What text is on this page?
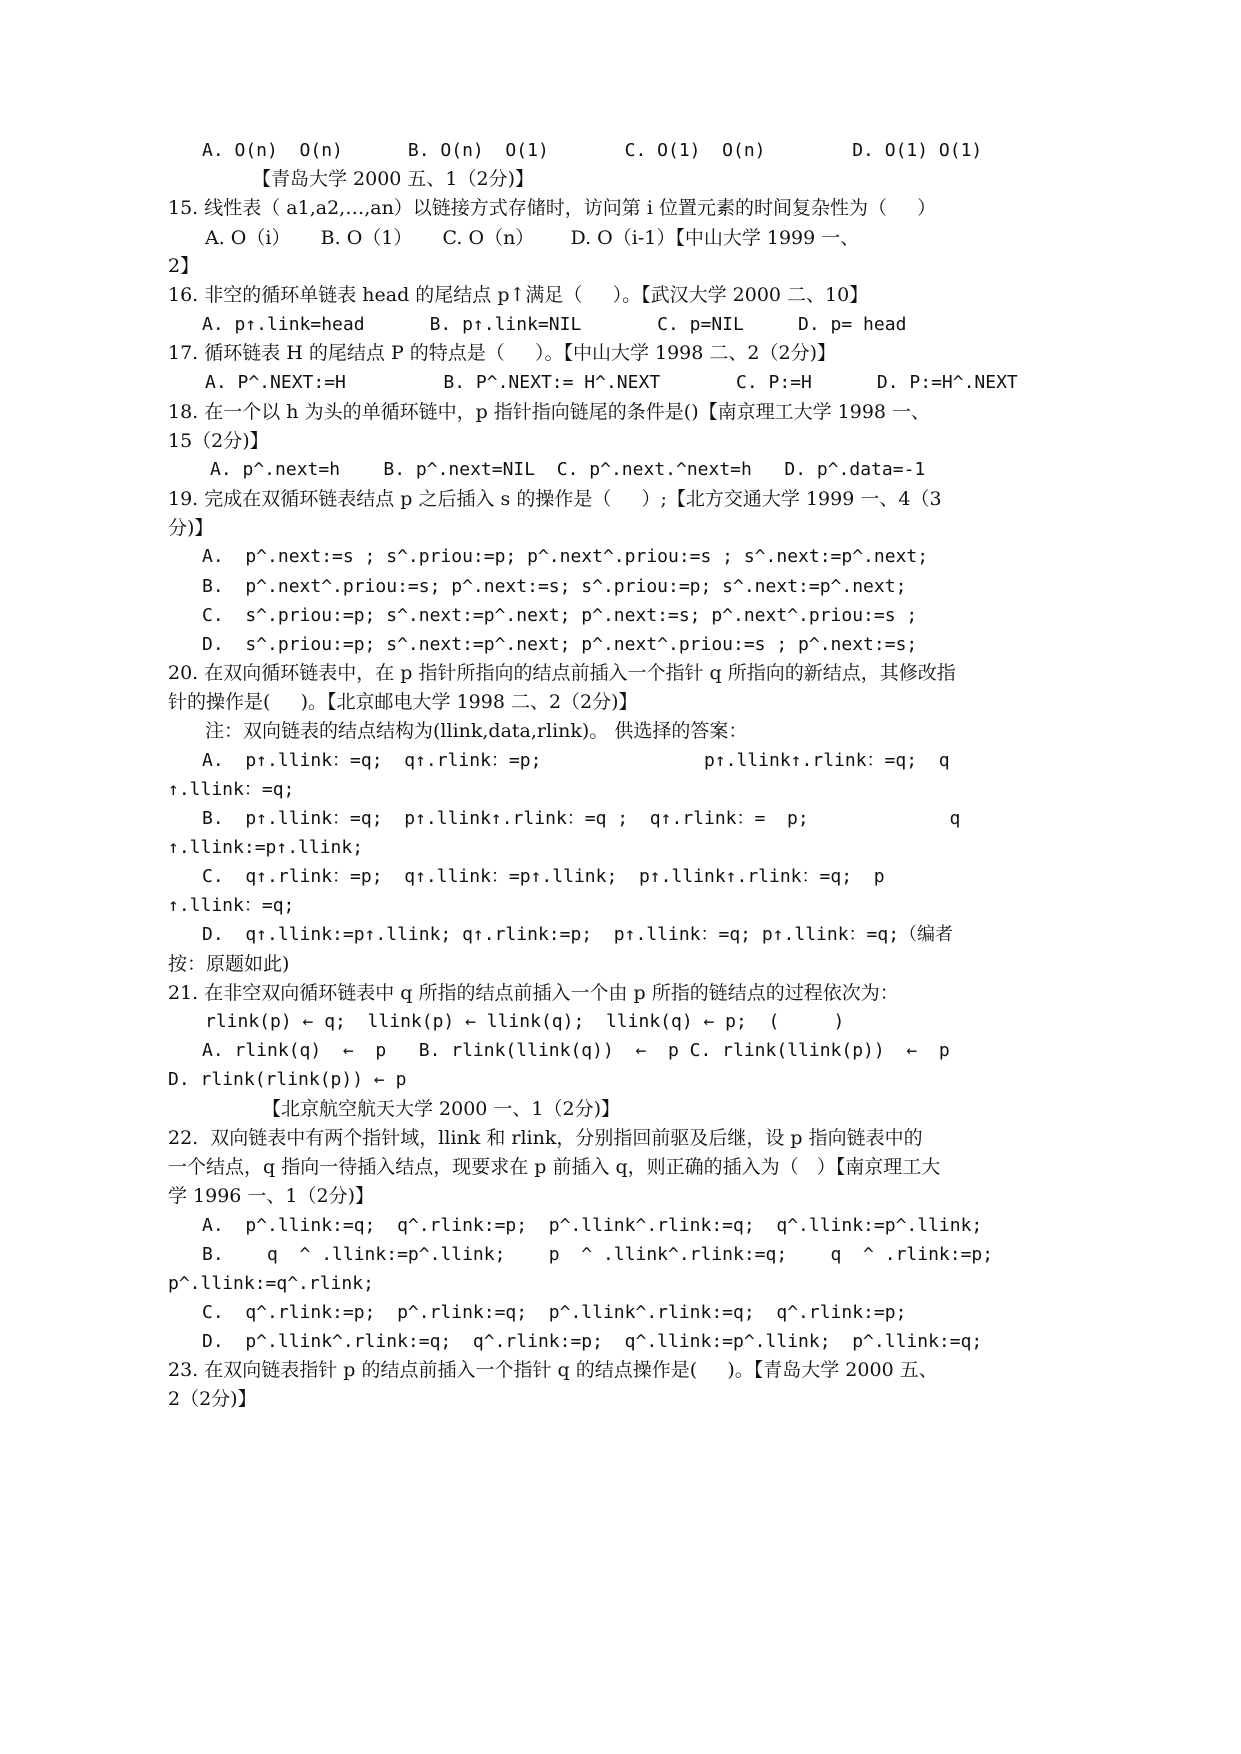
A. O(n)  O(n)      B. O(n)  O(1)       C. O(1)  O(n)        D. O(1) O(1)
【青岛大学 2000 五、1（2分)】
15. 线性表（ a1,a2,…,an）以链接方式存储时，访问第 i 位置元素的时间复杂性为（     ）
A. O（i）     B. O（1）     C. O（n）      D. O（i-1）【中山大学 1999 一、
2】
16. 非空的循环单链表 head 的尾结点 p↑满足（     ）。【武汉大学 2000 二、10】
A. p↑.link=head      B. p↑.link=NIL       C. p=NIL     D. p= head
17. 循环链表 H 的尾结点 P 的特点是（     ）。【中山大学 1998 二、2（2分)】
A. P^.NEXT:=H         B. P^.NEXT:= H^.NEXT       C. P:=H      D. P:=H^.NEXT
18. 在一个以 h 为头的单循环链中，p 指针指向链尾的条件是()【南京理工大学 1998 一、
15（2分)】
A. p^.next=h    B. p^.next=NIL  C. p^.next.^next=h   D. p^.data=-1
19. 完成在双循环链表结点 p 之后插入 s 的操作是（     ）;【北方交通大学 1999 一、4（3
分)】
A.  p^.next:=s ; s^.priou:=p; p^.next^.priou:=s ; s^.next:=p^.next;
B.  p^.next^.priou:=s; p^.next:=s; s^.priou:=p; s^.next:=p^.next;
C.  s^.priou:=p; s^.next:=p^.next; p^.next:=s; p^.next^.priou:=s ;
D.  s^.priou:=p; s^.next:=p^.next; p^.next^.priou:=s ; p^.next:=s;
20. 在双向循环链表中，在 p 指针所指向的结点前插入一个指针 q 所指向的新结点，其修改指
针的操作是(     )。【北京邮电大学 1998 二、2（2分)】
注：双向链表的结点结构为(llink,data,rlink)。 供选择的答案：
A.  p↑.llink：=q;  q↑.rlink：=p;               p↑.llink↑.rlink：=q;  q
↑.llink：=q;
B.  p↑.llink：=q;  p↑.llink↑.rlink：=q ;  q↑.rlink：=  p;             q
↑.llink:=p↑.llink;
C.  q↑.rlink：=p;  q↑.llink：=p↑.llink;  p↑.llink↑.rlink：=q;  p
↑.llink：=q;
D.  q↑.llink:=p↑.llink; q↑.rlink:=p;  p↑.llink：=q; p↑.llink：=q;（编者
按：原题如此)
21. 在非空双向循环链表中 q 所指的结点前插入一个由 p 所指的链结点的过程依次为：
rlink(p) ← q;  llink(p) ← llink(q);  llink(q) ← p;  (     )
A. rlink(q)  ←  p   B. rlink(llink(q))  ←  p C. rlink(llink(p))  ←  p
D. rlink(rlink(p)) ← p
【北京航空航天大学 2000 一、1（2分)】
22.  双向链表中有两个指针域，llink 和 rlink，分别指回前驱及后继，设 p 指向链表中的
一个结点，q 指向一待插入结点，现要求在 p 前插入 q，则正确的插入为（   ）【南京理工大
学 1996 一、1（2分)】
A.  p^.llink:=q;  q^.rlink:=p;  p^.llink^.rlink:=q;  q^.llink:=p^.llink;
B.    q  ^ .llink:=p^.llink;    p  ^ .llink^.rlink:=q;    q  ^ .rlink:=p;
p^.llink:=q^.rlink;
C.  q^.rlink:=p;  p^.rlink:=q;  p^.llink^.rlink:=q;  q^.rlink:=p;
D.  p^.llink^.rlink:=q;  q^.rlink:=p;  q^.llink:=p^.llink;  p^.llink:=q;
23. 在双向链表指针 p 的结点前插入一个指针 q 的结点操作是(     )。【青岛大学 2000 五、
2（2分)】
